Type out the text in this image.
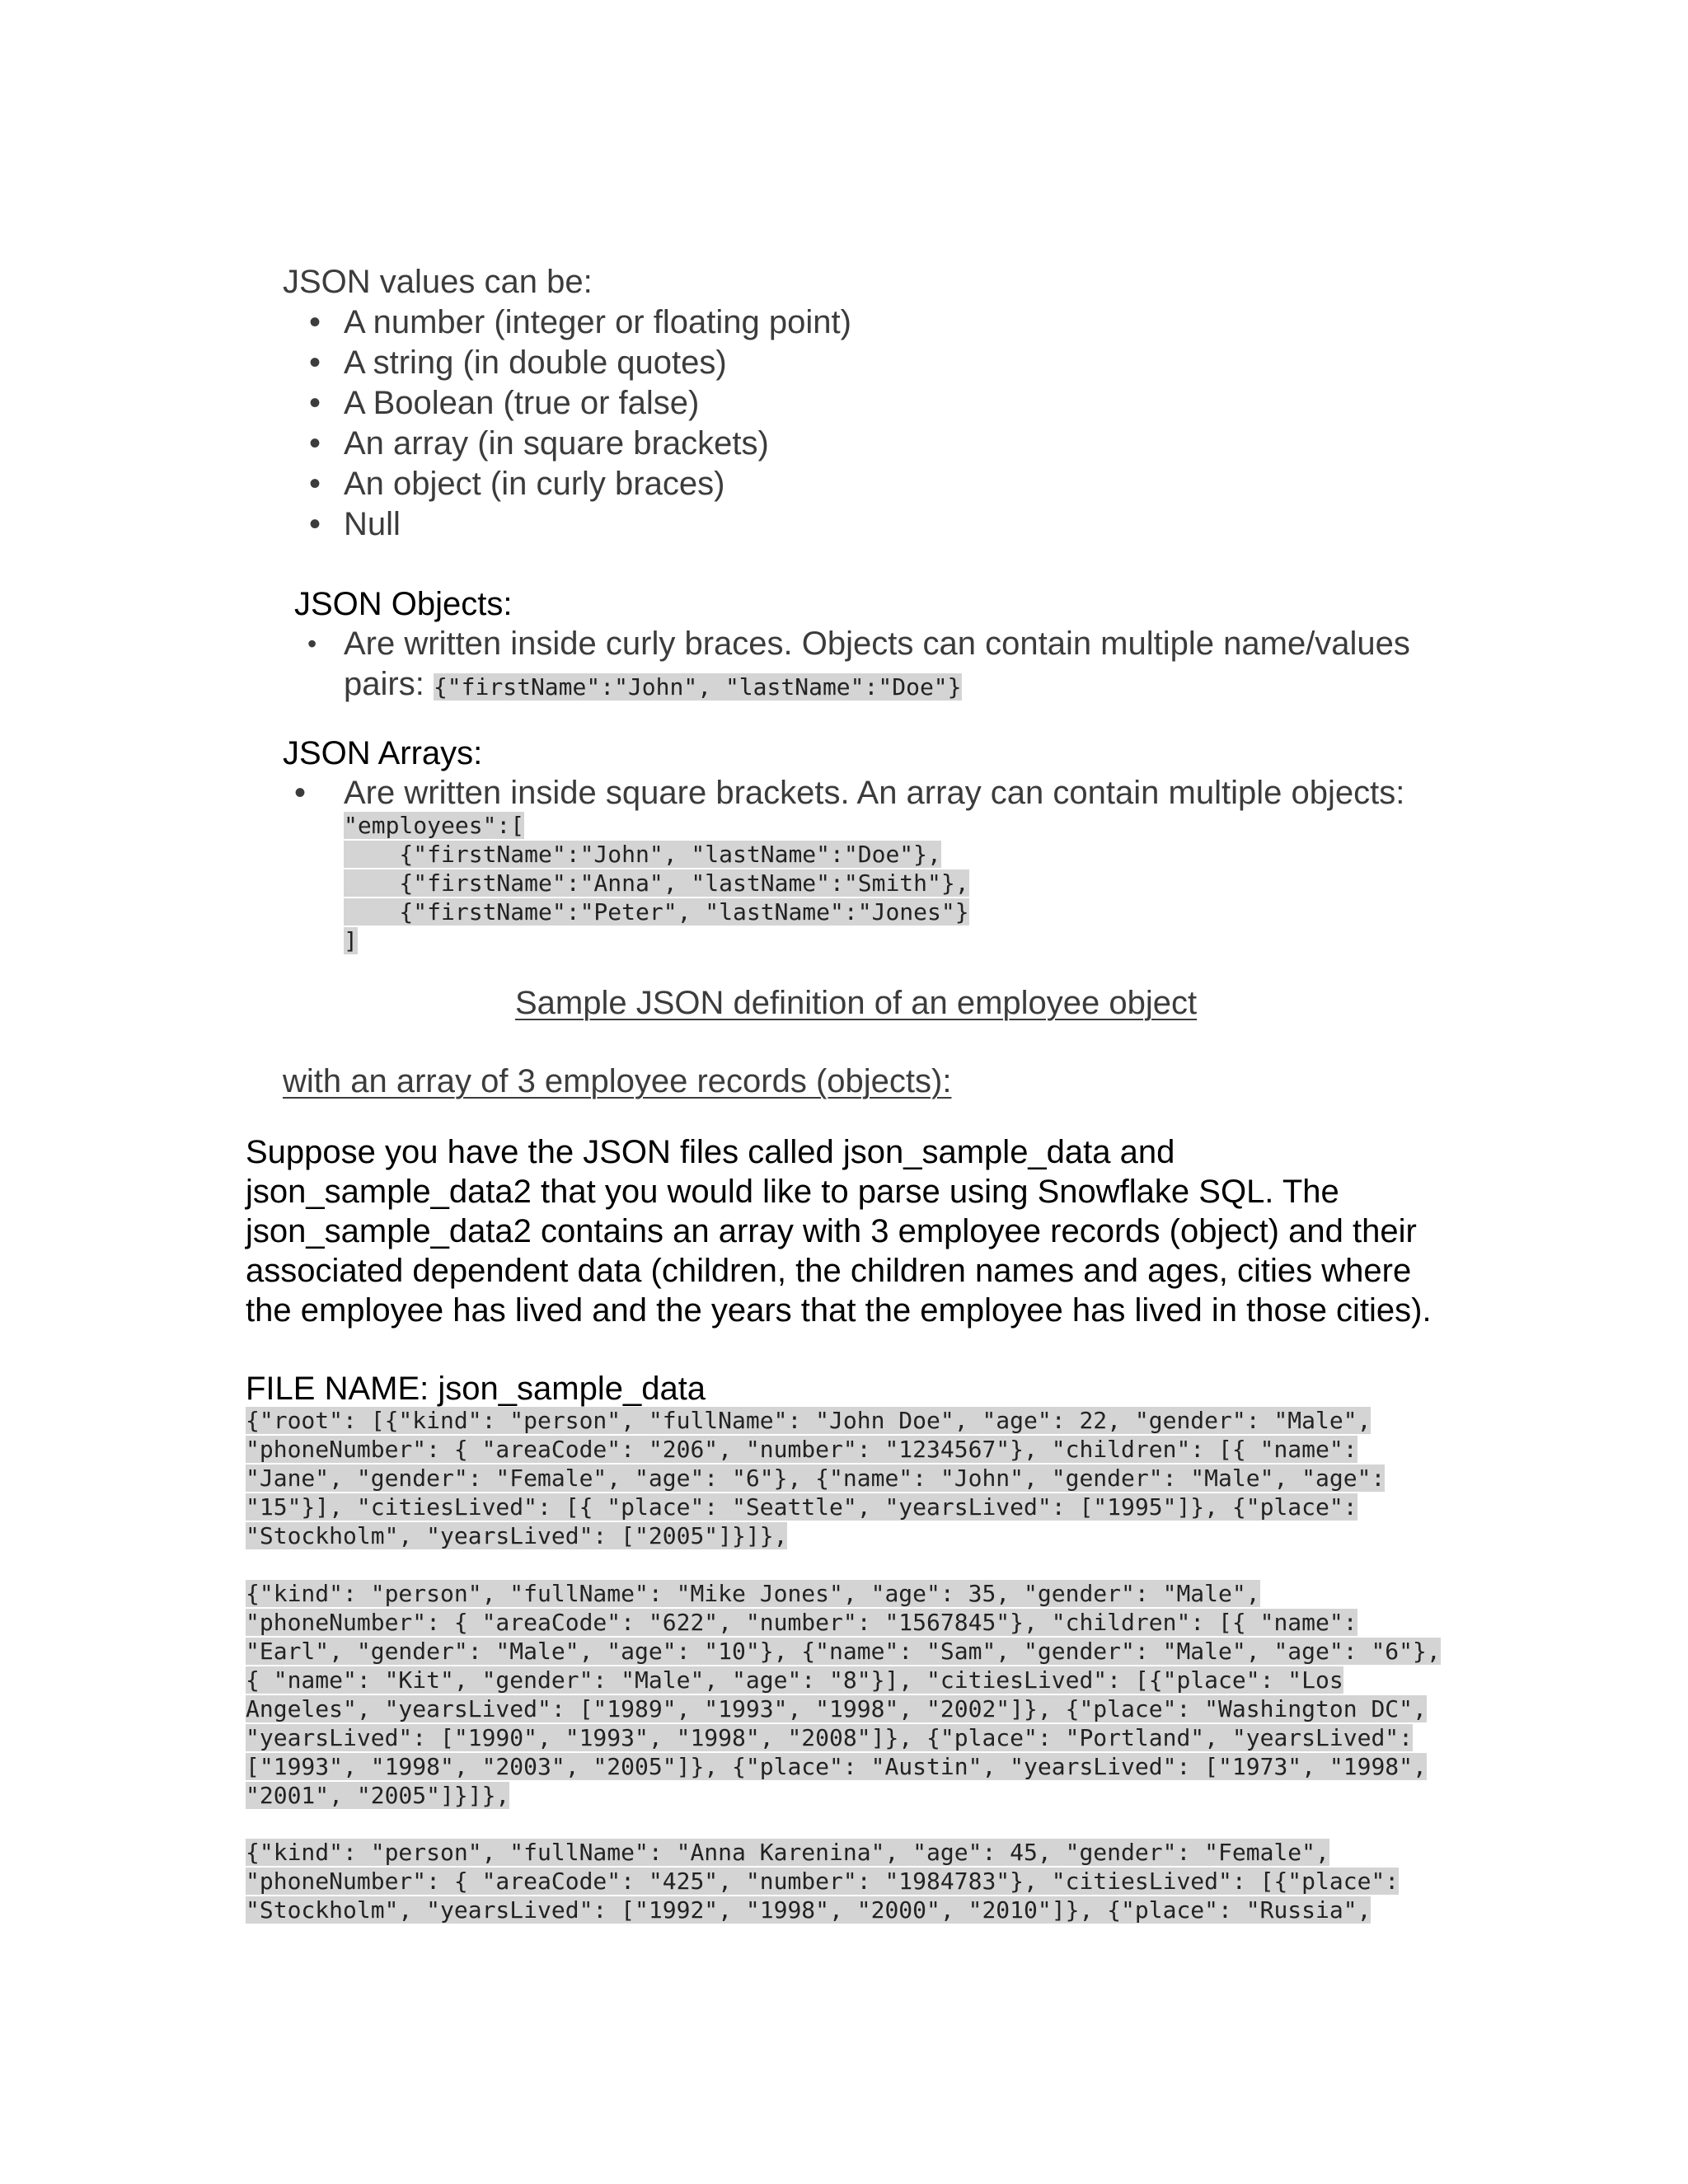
JSON values can be:
• A number (integer or floating point)
• A string (in double quotes)
• A Boolean (true or false)
• An array (in square brackets)
• An object (in curly braces)
• Null
JSON Objects:
• Are written inside curly braces. Objects can contain multiple name/values
pairs: {"firstName":"John", "lastName":"Doe"}
JSON Arrays:
• Are written inside square brackets. An array can contain multiple objects:
"employees":[
{"firstName":"John", "lastName":"Doe"},
{"firstName":"Anna", "lastName":"Smith"},
{"firstName":"Peter", "lastName":"Jones"}
]
Sample JSON definition of an employee object
with an array of 3 employee records (objects):
Suppose you have the JSON files called json_sample_data and
json_sample_data2 that you would like to parse using Snowflake SQL. The
json_sample_data2 contains an array with 3 employee records (object) and their
associated dependent data (children, the children names and ages, cities where
the employee has lived and the years that the employee has lived in those cities).
FILE NAME: json_sample_data
{"root": [{"kind": "person", "fullName": "John Doe", "age": 22, "gender": "Male",
"phoneNumber": { "areaCode": "206", "number": "1234567"}, "children": [{ "name":
"Jane", "gender": "Female", "age": "6"}, {"name": "John", "gender": "Male", "age":
"15"}], "citiesLived": [{ "place": "Seattle", "yearsLived": ["1995"]}, {"place":
"Stockholm", "yearsLived": ["2005"]}]},
{"kind": "person", "fullName": "Mike Jones", "age": 35, "gender": "Male",
"phoneNumber": { "areaCode": "622", "number": "1567845"}, "children": [{ "name":
"Earl", "gender": "Male", "age": "10"}, {"name": "Sam", "gender": "Male", "age": "6"},
{ "name": "Kit", "gender": "Male", "age": "8"}], "citiesLived": [{"place": "Los
Angeles", "yearsLived": ["1989", "1993", "1998", "2002"]}, {"place": "Washington DC",
"yearsLived": ["1990", "1993", "1998", "2008"]}, {"place": "Portland", "yearsLived":
["1993", "1998", "2003", "2005"]}, {"place": "Austin", "yearsLived": ["1973", "1998",
"2001", "2005"]}]},
{"kind": "person", "fullName": "Anna Karenina", "age": 45, "gender": "Female",
"phoneNumber": { "areaCode": "425", "number": "1984783"}, "citiesLived": [{"place":
"Stockholm", "yearsLived": ["1992", "1998", "2000", "2010"]}, {"place": "Russia",
